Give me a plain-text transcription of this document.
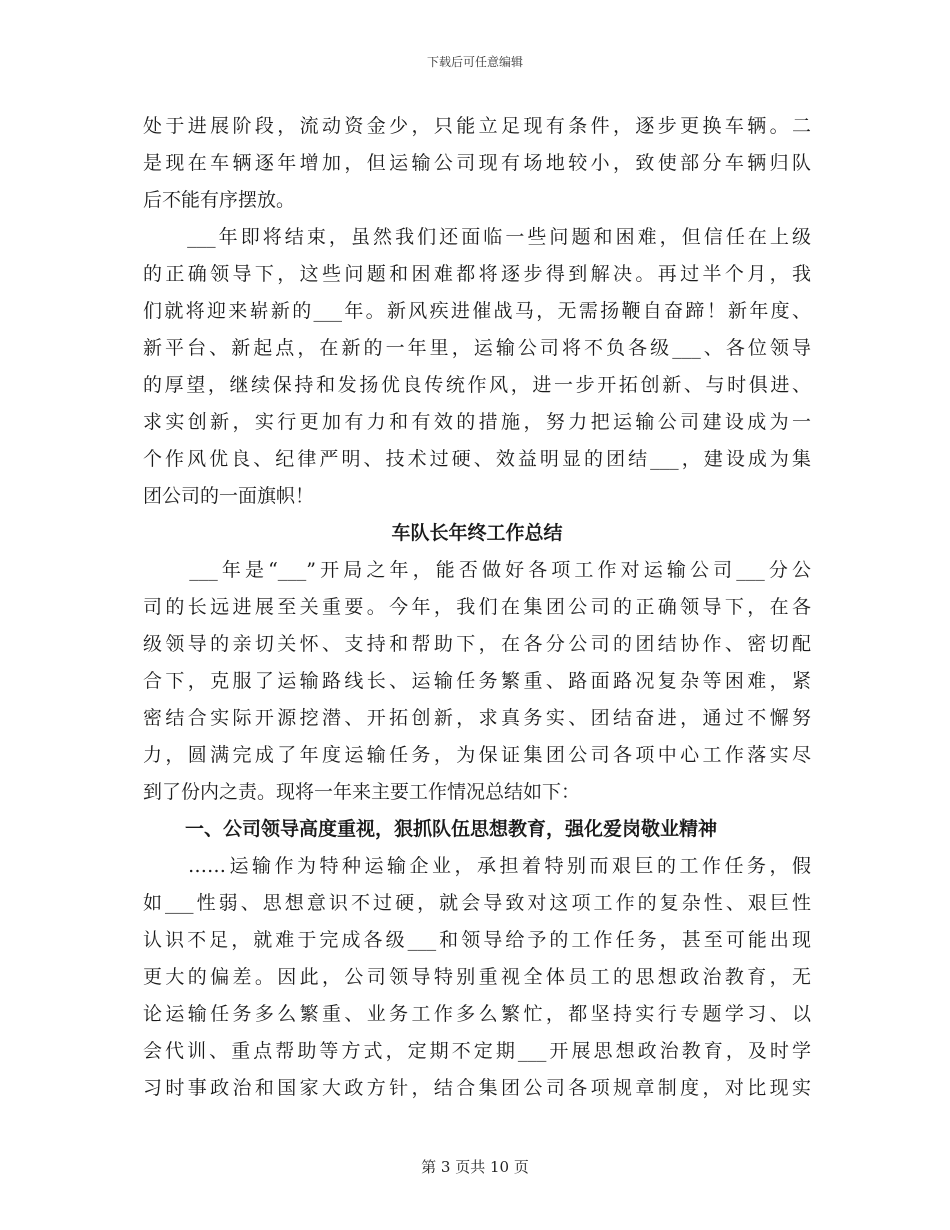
下载后可任意编辑
处于进展阶段，流动资金少，只能立足现有条件，逐步更换车辆。二
是现在车辆逐年增加，但运输公司现有场地较小，致使部分车辆归队
后不能有序摆放。
　　___年即将结束，虽然我们还面临一些问题和困难，但信任在上级
的正确领导下，这些问题和困难都将逐步得到解决。再过半个月，我
们就将迎来崭新的___年。新风疾进催战马，无需扬鞭自奋蹄！新年度、
新平台、新起点，在新的一年里，运输公司将不负各级___、各位领导
的厚望，继续保持和发扬优良传统作风，进一步开拓创新、与时俱进、
求实创新，实行更加有力和有效的措施，努力把运输公司建设成为一
个作风优良、纪律严明、技术过硬、效益明显的团结___，建设成为集
团公司的一面旗帜！
车队长年终工作总结
　　___年是“___”开局之年，能否做好各项工作对运输公司___分公
司的长远进展至关重要。今年，我们在集团公司的正确领导下，在各
级领导的亲切关怀、支持和帮助下，在各分公司的团结协作、密切配
合下，克服了运输路线长、运输任务繁重、路面路况复杂等困难，紧
密结合实际开源挖潜、开拓创新，求真务实、团结奋进，通过不懈努
力，圆满完成了年度运输任务，为保证集团公司各项中心工作落实尽
到了份内之责。现将一年来主要工作情况总结如下：
一、公司领导高度重视，狠抓队伍思想教育，强化爱岗敬业精神
　　……运输作为特种运输企业，承担着特别而艰巨的工作任务，假
如___性弱、思想意识不过硬，就会导致对这项工作的复杂性、艰巨性
认识不足，就难于完成各级___和领导给予的工作任务，甚至可能出现
更大的偏差。因此，公司领导特别重视全体员工的思想政治教育，无
论运输任务多么繁重、业务工作多么繁忙，都坚持实行专题学习、以
会代训、重点帮助等方式，定期不定期___开展思想政治教育，及时学
习时事政治和国家大政方针，结合集团公司各项规章制度，对比现实
第 3 页共 10 页
